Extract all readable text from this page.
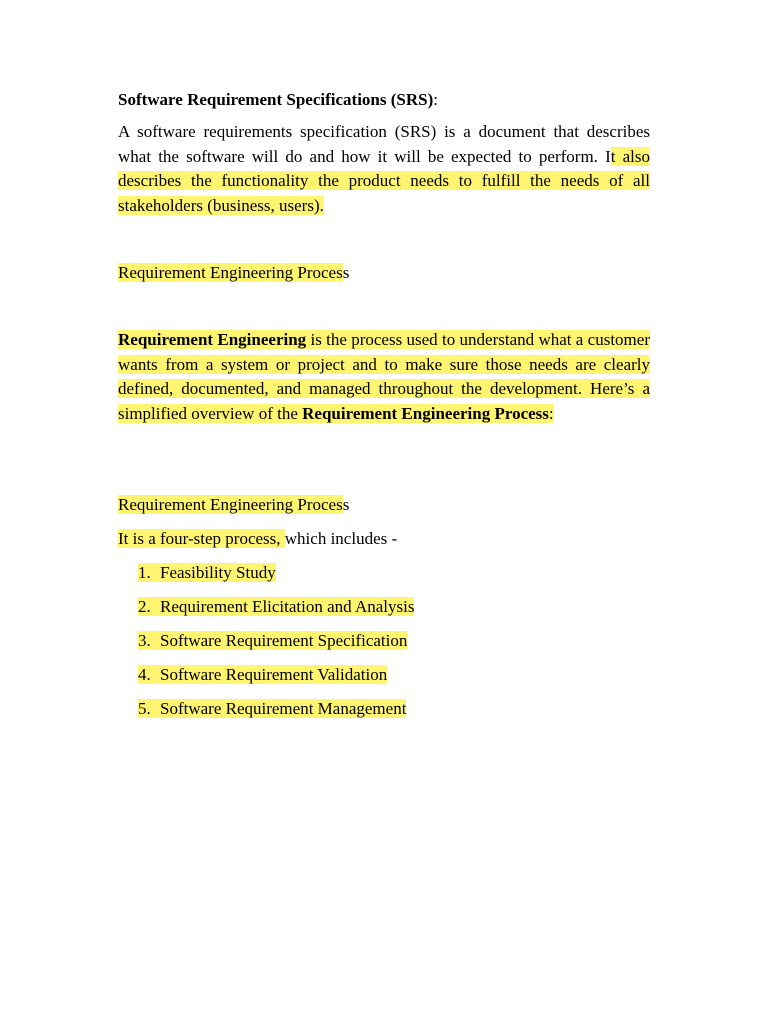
Software Requirement Specifications (SRS):
A software requirements specification (SRS) is a document that describes what the software will do and how it will be expected to perform. It also describes the functionality the product needs to fulfill the needs of all stakeholders (business, users).
Requirement Engineering Process
Requirement Engineering is the process used to understand what a customer wants from a system or project and to make sure those needs are clearly defined, documented, and managed throughout the development. Here’s a simplified overview of the Requirement Engineering Process:
Requirement Engineering Process
It is a four-step process, which includes -
1. Feasibility Study
2. Requirement Elicitation and Analysis
3. Software Requirement Specification
4. Software Requirement Validation
5. Software Requirement Management
